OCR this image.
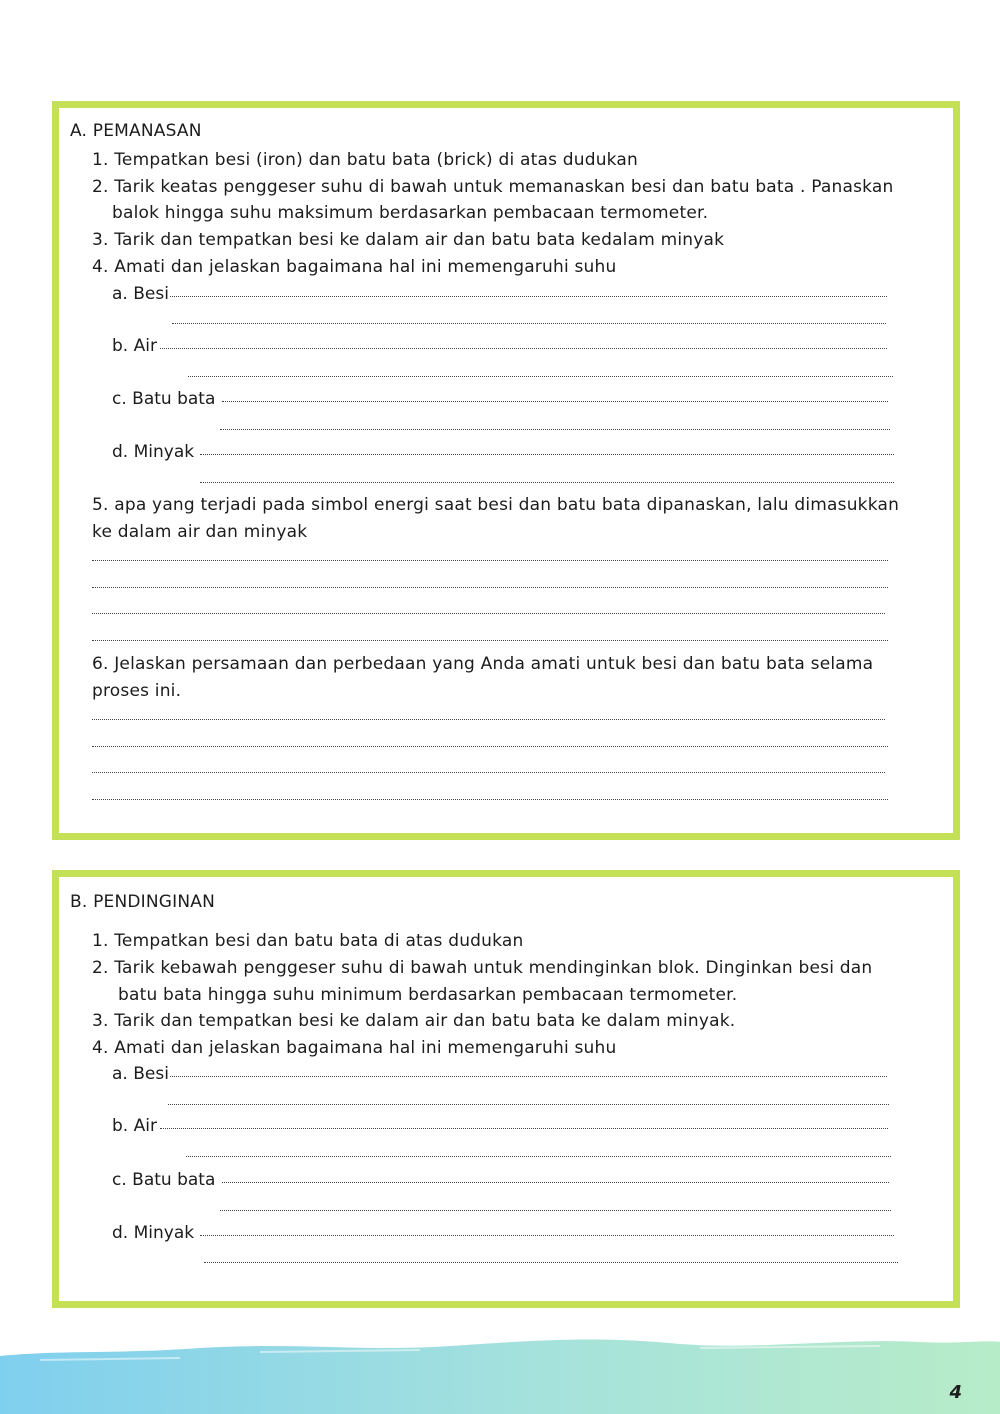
A. PEMANASAN
1. Tempatkan besi (iron) dan batu bata (brick) di atas dudukan
2. Tarik keatas penggeser suhu di bawah untuk memanaskan besi dan batu bata . Panaskan
balok hingga suhu maksimum berdasarkan pembacaan termometer.
3. Tarik dan tempatkan besi ke dalam air dan batu bata kedalam minyak
4. Amati dan jelaskan bagaimana hal ini memengaruhi suhu
a. Besi
b. Air
c. Batu bata
d. Minyak
5. apa yang terjadi pada simbol energi saat besi dan batu bata dipanaskan, lalu dimasukkan
ke dalam air dan minyak
6. Jelaskan persamaan dan perbedaan yang Anda amati untuk besi dan batu bata selama
proses ini.
B. PENDINGINAN
1. Tempatkan besi dan batu bata di atas dudukan
2. Tarik kebawah penggeser suhu di bawah untuk mendinginkan blok. Dinginkan besi dan
batu bata hingga suhu minimum berdasarkan pembacaan termometer.
3. Tarik dan tempatkan besi ke dalam air dan batu bata ke dalam minyak.
4. Amati dan jelaskan bagaimana hal ini memengaruhi suhu
a. Besi
b. Air
c. Batu bata
d. Minyak
4
